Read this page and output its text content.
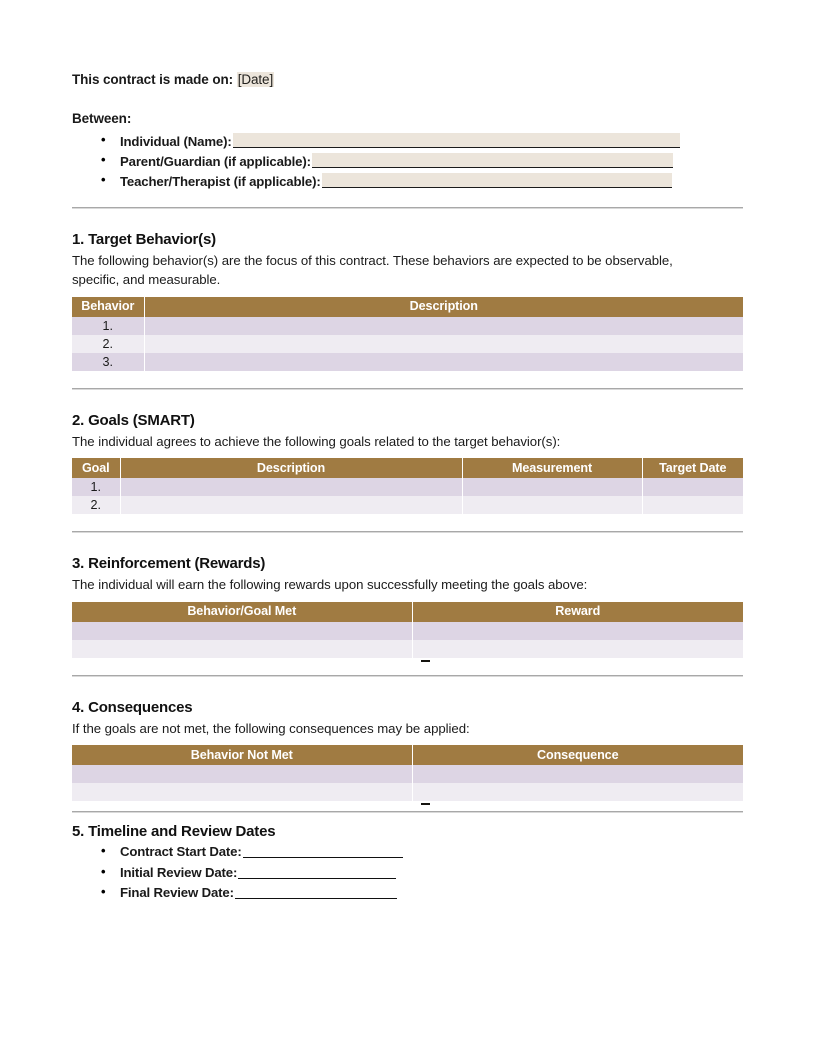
This contract is made on: [Date]

Between:

• Individual (Name):
• Parent/Guardian (if applicable):
• Teacher/Therapist (if applicable):
1. Target Behavior(s)

The following behavior(s) are the focus of this contract. These behaviors are expected to be observable, specific, and measurable.

Behavior	Description
1.	
2.	
3.	
2. Goals (SMART)

The individual agrees to achieve the following goals related to the target behavior(s):

Goal	Description	Measurement	Target Date
1.			
2.			
3. Reinforcement (Rewards)

The individual will earn the following rewards upon successfully meeting the goals above:

Behavior/Goal Met	Reward

4. Consequences

If the goals are not met, the following consequences may be applied:

Behavior Not Met	Consequence

5. Timeline and Review Dates
• Contract Start Date:
• Initial Review Date:
• Final Review Date:
